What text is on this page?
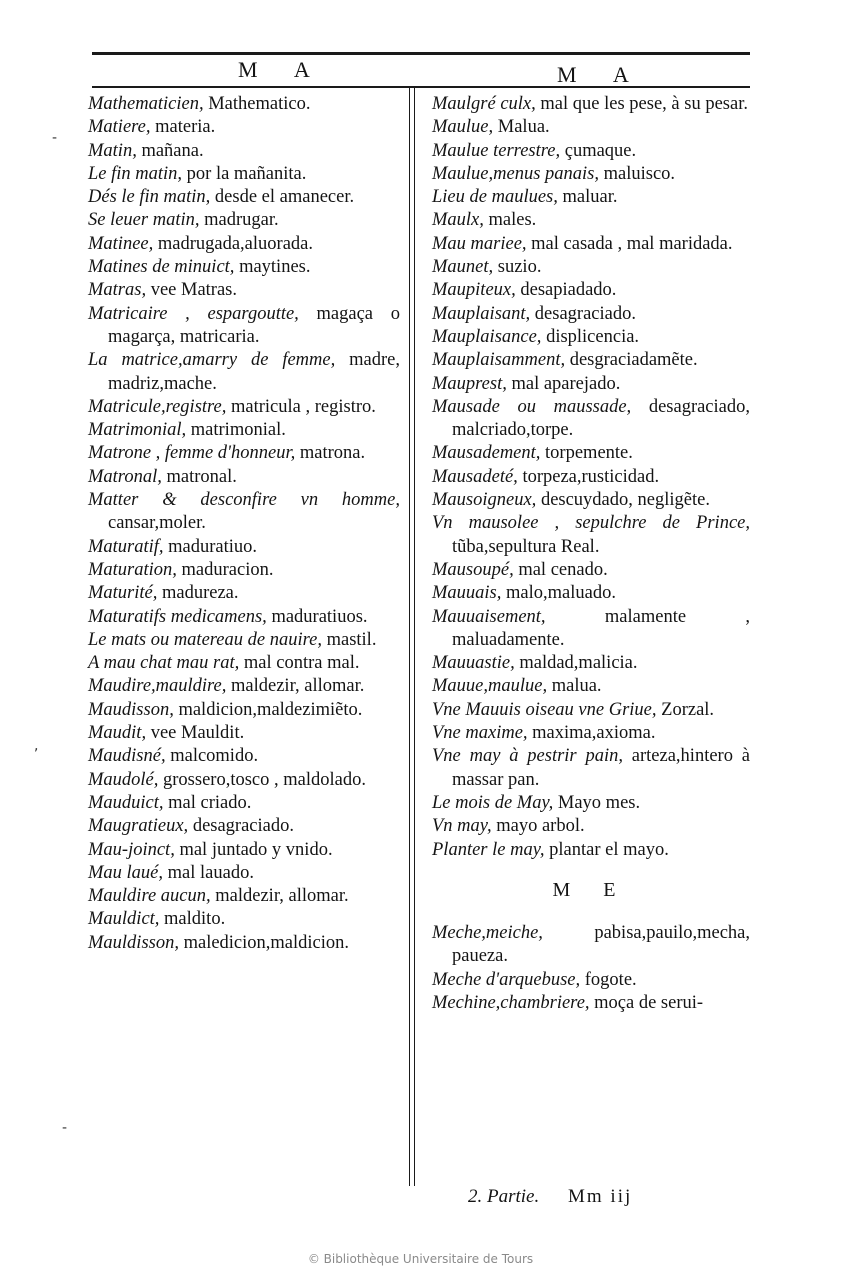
M A	M A
-
,
-

Mathematicien, Mathematico.

Matiere, materia.

Matin, mañana.

Le fin matin, por la mañanita.

Dés le fin matin, desde el amanecer.

Se leuer matin, madrugar.

Matinee, madrugada,aluorada.

Matines de minuict, maytines.

Matras, vee Matras.

Matricaire , espargoutte, magaça o magarça, matricaria.

La matrice,amarry de femme, madre, madriz,mache.

Matricule,registre, matricula , registro.

Matrimonial, matrimonial.

Matrone , femme d'honneur, matrona.

Matronal, matronal.

Matter & desconfire vn homme, cansar,moler.

Maturatif, maduratiuo.

Maturation, maduracion.

Maturité, madureza.

Maturatifs medicamens, maduratiuos.

Le mats ou matereau de nauire, mastil.

A mau chat mau rat, mal contra mal.

Maudire,mauldire, maldezir, allomar.

Maudisson, maldicion,maldezimiẽto.

Maudit, vee Mauldit.

Maudisné, malcomido.

Maudolé, grossero,tosco , maldolado.

Mauduict, mal criado.

Maugratieux, desagraciado.

Mau-joinct, mal juntado y vnido.

Mau laué, mal lauado.

Mauldire aucun, maldezir, allomar.

Mauldict, maldito.

Mauldisson, maledicion,maldicion.

Maulgré culx, mal que les pese, à su pesar.

Maulue, Malua.

Maulue terrestre, çumaque.

Maulue,menus panais, maluisco.

Lieu de maulues, maluar.

Maulx, males.

Mau mariee, mal casada , mal maridada.

Maunet, suzio.

Maupiteux, desapiadado.

Mauplaisant, desagraciado.

Mauplaisance, displicencia.

Mauplaisamment, desgraciadamẽte.

Mauprest, mal aparejado.

Mausade ou maussade, desagraciado, malcriado,torpe.

Mausadement, torpemente.

Mausadeté, torpeza,rusticidad.

Mausoigneux, descuydado, negligẽte.

Vn mausolee , sepulchre de Prince, tũba,sepultura Real.

Mausoupé, mal cenado.

Mauuais, malo,maluado.

Mauuaisement, malamente , maluadamente.

Mauuastie, maldad,malicia.

Mauue,maulue, malua.

Vne Mauuis oiseau vne Griue, Zorzal.

Vne maxime, maxima,axioma.

Vne may à pestrir pain, arteza,hintero à massar pan.

Le mois de May, Mayo mes.

Vn may, mayo arbol.

Planter le may, plantar el mayo.

M E

Meche,meiche, pabisa,pauilo,mecha, paueza.

Meche d'arquebuse, fogote.

Mechine,chambriere, moça de serui-

2. Partie. Mm iij
© Bibliothèque Universitaire de Tours
